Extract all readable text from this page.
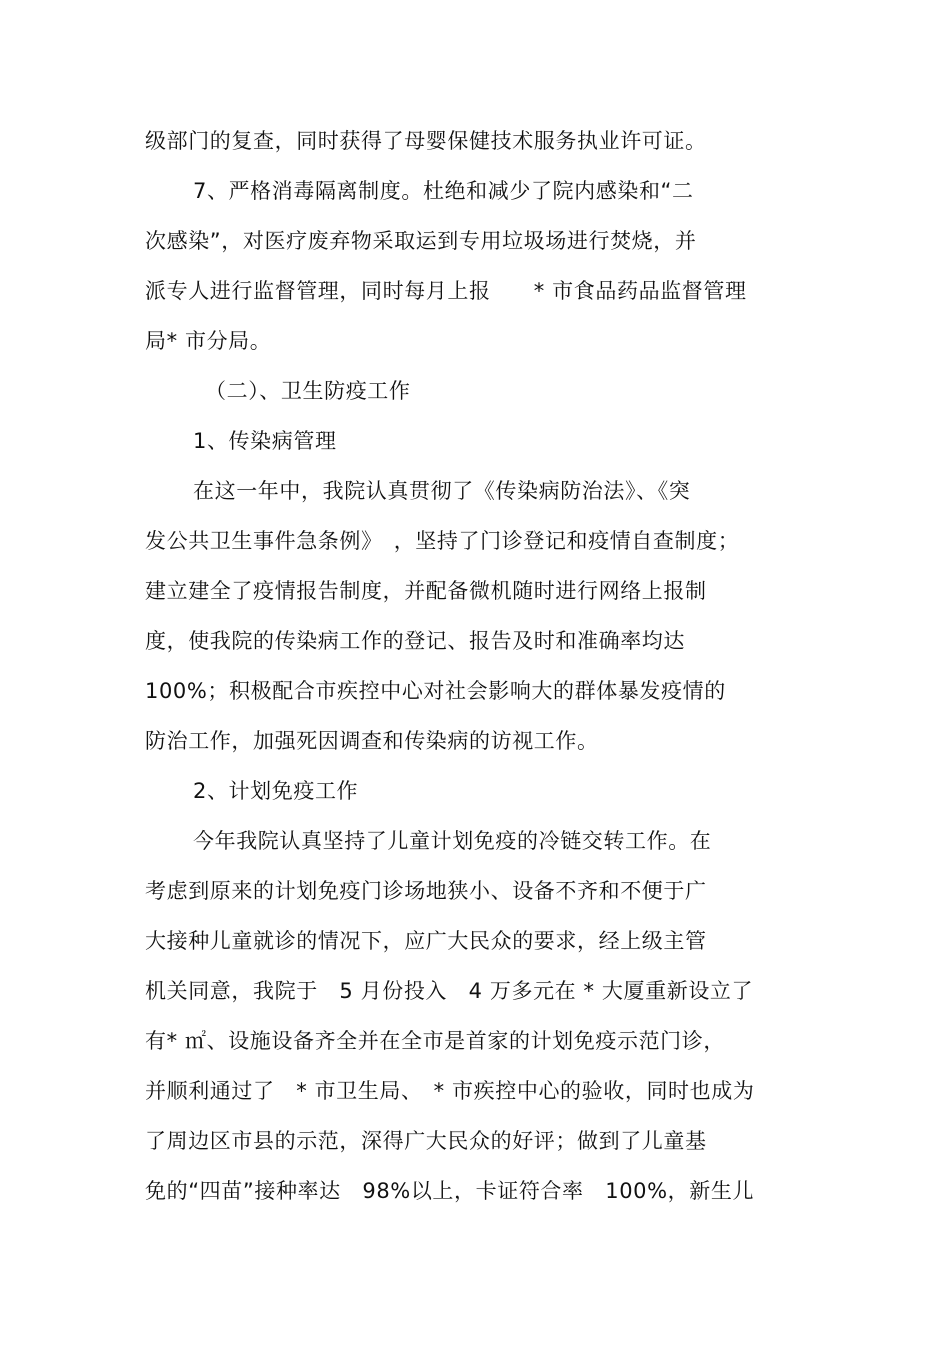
级部门的复查，同时获得了母婴保健技术服务执业许可证。
7、严格消毒隔离制度。杜绝和减少了院内感染和“二
次感染”，对医疗废弃物采取运到专用垃圾场进行焚烧，并
派专人进行监督管理，同时每月上报　　* 市食品药品监督管理
局* 市分局。
（二）、卫生防疫工作
1、传染病管理
在这一年中，我院认真贯彻了《传染病防治法》、《突
发公共卫生事件急条例》　，坚持了门诊登记和疫情自查制度；
建立建全了疫情报告制度，并配备微机随时进行网络上报制
度，使我院的传染病工作的登记、报告及时和准确率均达
100%；积极配合市疾控中心对社会影响大的群体暴发疫情的
防治工作，加强死因调查和传染病的访视工作。
2、计划免疫工作
今年我院认真坚持了儿童计划免疫的冷链交转工作。在
考虑到原来的计划免疫门诊场地狭小、设备不齐和不便于广
大接种儿童就诊的情况下，应广大民众的要求，经上级主管
机关同意，我院于　5 月份投入　4 万多元在 * 大厦重新设立了
有* ㎡、设施设备齐全并在全市是首家的计划免疫示范门诊，
并顺利通过了　* 市卫生局、　* 市疾控中心的验收，同时也成为
了周边区市县的示范，深得广大民众的好评；做到了儿童基
免的“四苗”接种率达　98%以上，卡证符合率　100%，新生儿
